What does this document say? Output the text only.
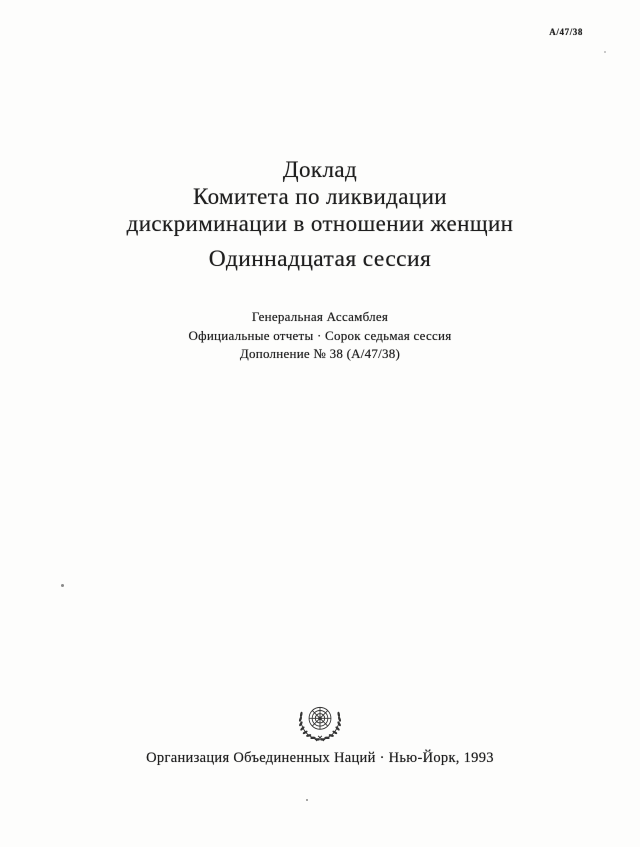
A/47/38
Доклад
Комитета по ликвидации
дискриминации в отношении женщин
Одиннадцатая сессия
Генеральная Ассамблея
Официальные отчеты · Сорок седьмая сессия
Дополнение № 38 (А/47/38)
Организация Объединенных Наций · Нью-Йорк, 1993
